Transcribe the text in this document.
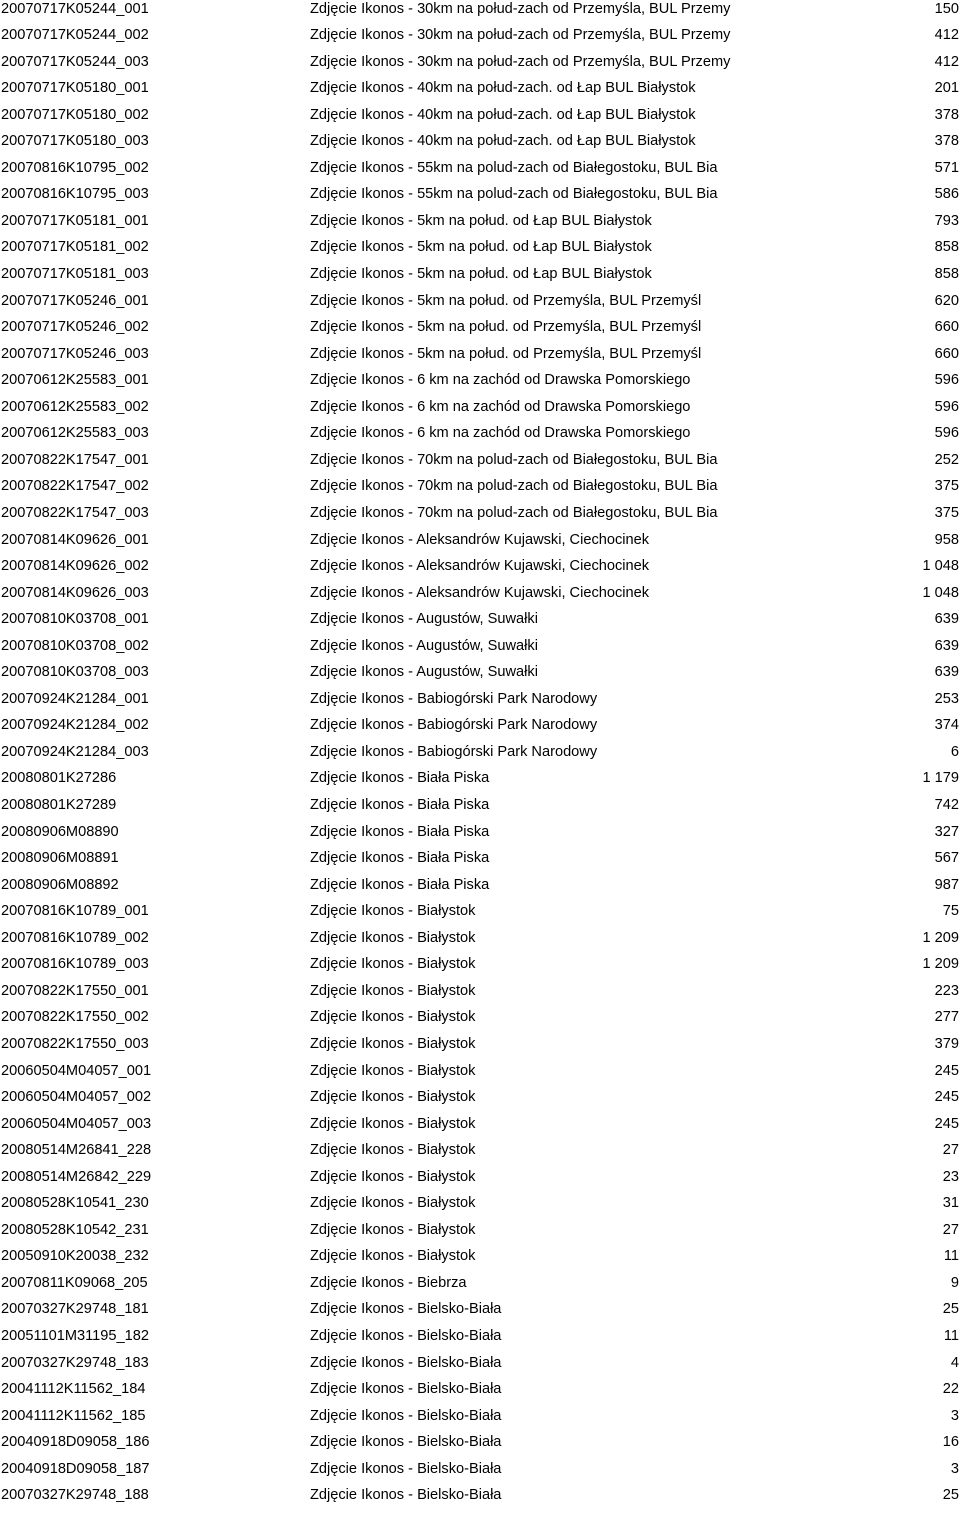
20070717K05244_001	Zdjęcie Ikonos - 30km na połud-zach od Przemyśla, BUL Przemy	150
20070717K05244_002	Zdjęcie Ikonos - 30km na połud-zach od Przemyśla, BUL Przemy	412
20070717K05244_003	Zdjęcie Ikonos - 30km na połud-zach od Przemyśla, BUL Przemy	412
20070717K05180_001	Zdjęcie Ikonos - 40km na połud-zach. od Łap BUL Białystok	201
20070717K05180_002	Zdjęcie Ikonos - 40km na połud-zach. od Łap BUL Białystok	378
20070717K05180_003	Zdjęcie Ikonos - 40km na połud-zach. od Łap BUL Białystok	378
20070816K10795_002	Zdjęcie Ikonos - 55km na polud-zach od Białegostoku, BUL Bia	571
20070816K10795_003	Zdjęcie Ikonos - 55km na polud-zach od Białegostoku, BUL Bia	586
20070717K05181_001	Zdjęcie Ikonos - 5km na połud. od Łap BUL Białystok	793
20070717K05181_002	Zdjęcie Ikonos - 5km na połud. od Łap BUL Białystok	858
20070717K05181_003	Zdjęcie Ikonos - 5km na połud. od Łap BUL Białystok	858
20070717K05246_001	Zdjęcie Ikonos - 5km na połud. od Przemyśla, BUL Przemyśl	620
20070717K05246_002	Zdjęcie Ikonos - 5km na połud. od Przemyśla, BUL Przemyśl	660
20070717K05246_003	Zdjęcie Ikonos - 5km na połud. od Przemyśla, BUL Przemyśl	660
20070612K25583_001	Zdjęcie Ikonos - 6 km na zachód od Drawska Pomorskiego	596
20070612K25583_002	Zdjęcie Ikonos - 6 km na zachód od Drawska Pomorskiego	596
20070612K25583_003	Zdjęcie Ikonos - 6 km na zachód od Drawska Pomorskiego	596
20070822K17547_001	Zdjęcie Ikonos - 70km na polud-zach od Białegostoku, BUL Bia	252
20070822K17547_002	Zdjęcie Ikonos - 70km na polud-zach od Białegostoku, BUL Bia	375
20070822K17547_003	Zdjęcie Ikonos - 70km na polud-zach od Białegostoku, BUL Bia	375
20070814K09626_001	Zdjęcie Ikonos - Aleksandrów Kujawski, Ciechocinek	958
20070814K09626_002	Zdjęcie Ikonos - Aleksandrów Kujawski, Ciechocinek	1 048
20070814K09626_003	Zdjęcie Ikonos - Aleksandrów Kujawski, Ciechocinek	1 048
20070810K03708_001	Zdjęcie Ikonos - Augustów, Suwałki	639
20070810K03708_002	Zdjęcie Ikonos - Augustów, Suwałki	639
20070810K03708_003	Zdjęcie Ikonos - Augustów, Suwałki	639
20070924K21284_001	Zdjęcie Ikonos - Babiogórski Park Narodowy	253
20070924K21284_002	Zdjęcie Ikonos - Babiogórski Park Narodowy	374
20070924K21284_003	Zdjęcie Ikonos - Babiogórski Park Narodowy	6
20080801K27286	Zdjęcie Ikonos - Biała Piska	1 179
20080801K27289	Zdjęcie Ikonos - Biała Piska	742
20080906M08890	Zdjęcie Ikonos - Biała Piska	327
20080906M08891	Zdjęcie Ikonos - Biała Piska	567
20080906M08892	Zdjęcie Ikonos - Biała Piska	987
20070816K10789_001	Zdjęcie Ikonos - Białystok	75
20070816K10789_002	Zdjęcie Ikonos - Białystok	1 209
20070816K10789_003	Zdjęcie Ikonos - Białystok	1 209
20070822K17550_001	Zdjęcie Ikonos - Białystok	223
20070822K17550_002	Zdjęcie Ikonos - Białystok	277
20070822K17550_003	Zdjęcie Ikonos - Białystok	379
20060504M04057_001	Zdjęcie Ikonos - Białystok	245
20060504M04057_002	Zdjęcie Ikonos - Białystok	245
20060504M04057_003	Zdjęcie Ikonos - Białystok	245
20080514M26841_228	Zdjęcie Ikonos - Białystok	27
20080514M26842_229	Zdjęcie Ikonos - Białystok	23
20080528K10541_230	Zdjęcie Ikonos - Białystok	31
20080528K10542_231	Zdjęcie Ikonos - Białystok	27
20050910K20038_232	Zdjęcie Ikonos - Białystok	11
20070811K09068_205	Zdjęcie Ikonos - Biebrza	9
20070327K29748_181	Zdjęcie Ikonos - Bielsko-Biała	25
20051101M31195_182	Zdjęcie Ikonos - Bielsko-Biała	11
20070327K29748_183	Zdjęcie Ikonos - Bielsko-Biała	4
20041112K11562_184	Zdjęcie Ikonos - Bielsko-Biała	22
20041112K11562_185	Zdjęcie Ikonos - Bielsko-Biała	3
20040918D09058_186	Zdjęcie Ikonos - Bielsko-Biała	16
20040918D09058_187	Zdjęcie Ikonos - Bielsko-Biała	3
20070327K29748_188	Zdjęcie Ikonos - Bielsko-Biała	25
